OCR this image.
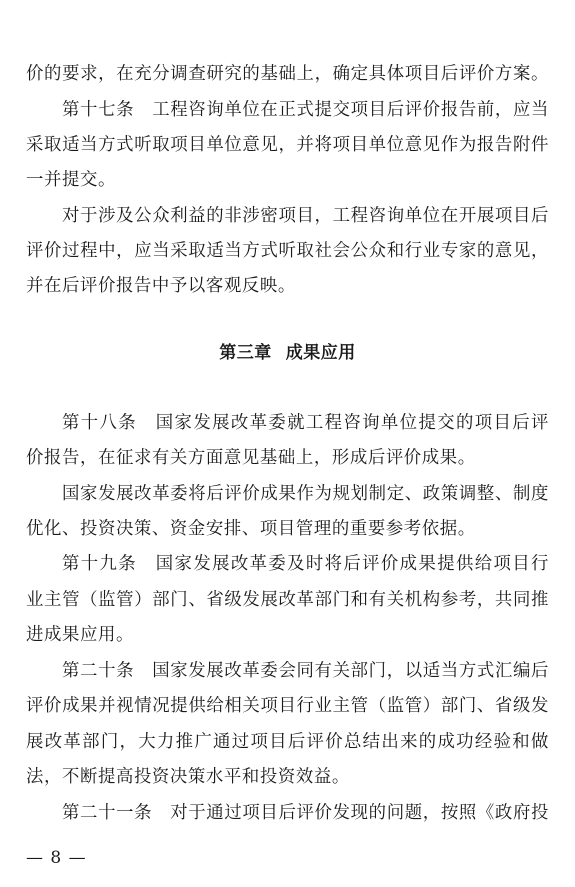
价的要求，在充分调查研究的基础上，确定具体项目后评价方案。
第十七条　工程咨询单位在正式提交项目后评价报告前，应当
采取适当方式听取项目单位意见，并将项目单位意见作为报告附件
一并提交。
对于涉及公众利益的非涉密项目，工程咨询单位在开展项目后
评价过程中，应当采取适当方式听取社会公众和行业专家的意见，
并在后评价报告中予以客观反映。
第三章 成果应用
第十八条　国家发展改革委就工程咨询单位提交的项目后评
价报告，在征求有关方面意见基础上，形成后评价成果。
国家发展改革委将后评价成果作为规划制定、政策调整、制度
优化、投资决策、资金安排、项目管理的重要参考依据。
第十九条　国家发展改革委及时将后评价成果提供给项目行
业主管（监管）部门、省级发展改革部门和有关机构参考，共同推
进成果应用。
第二十条　国家发展改革委会同有关部门，以适当方式汇编后
评价成果并视情况提供给相关项目行业主管（监管）部门、省级发
展改革部门，大力推广通过项目后评价总结出来的成功经验和做
法，不断提高投资决策水平和投资效益。
第二十一条　对于通过项目后评价发现的问题，按照《政府投
— 8 —
